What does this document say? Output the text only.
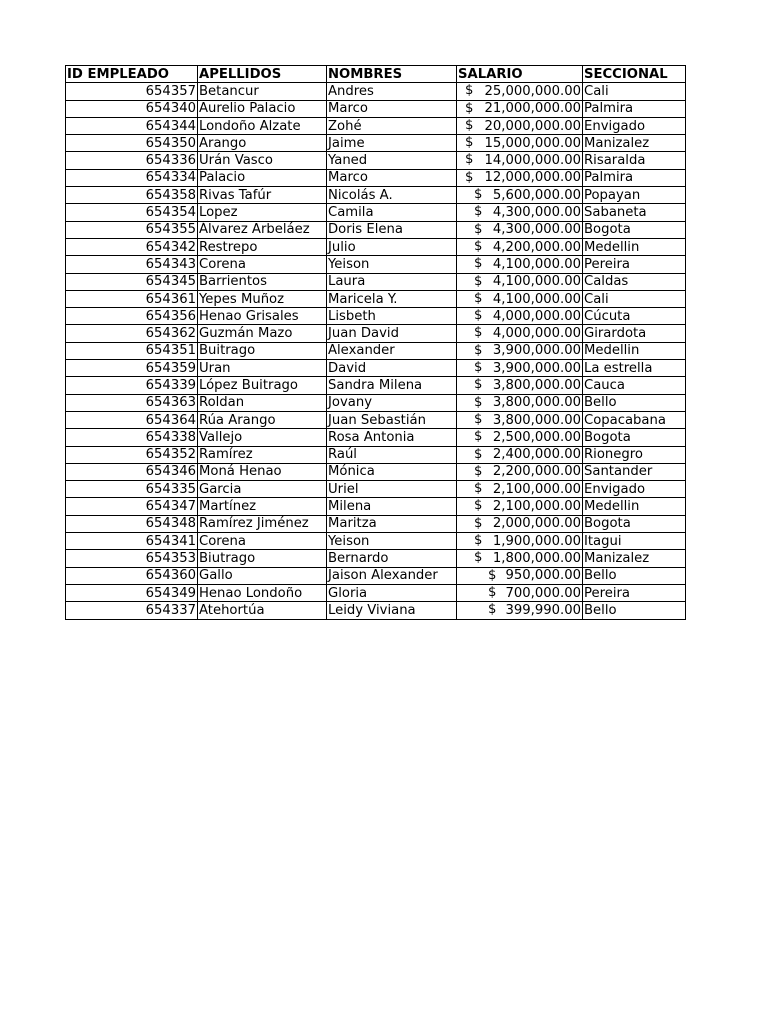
ID EMPLEADO	APELLIDOS	NOMBRES	SALARIO	SECCIONAL
654357	Betancur	Andres	$ 25,000,000.00	Cali
654340	Aurelio Palacio	Marco	$ 21,000,000.00	Palmira
654344	Londoño Alzate	Zohé	$ 20,000,000.00	Envigado
654350	Arango	Jaime	$ 15,000,000.00	Manizalez
654336	Urán Vasco	Yaned	$ 14,000,000.00	Risaralda
654334	Palacio	Marco	$ 12,000,000.00	Palmira
654358	Rivas Tafúr	Nicolás A.	$ 5,600,000.00	Popayan
654354	Lopez	Camila	$ 4,300,000.00	Sabaneta
654355	Álvarez Arbeláez	Doris Elena	$ 4,300,000.00	Bogota
654342	Restrepo	Julio	$ 4,200,000.00	Medellin
654343	Corena	Yeison	$ 4,100,000.00	Pereira
654345	Barrientos	Laura	$ 4,100,000.00	Caldas
654361	Yepes Muñoz	Maricela Y.	$ 4,100,000.00	Cali
654356	Henao Grisales	Lisbeth	$ 4,000,000.00	Cúcuta
654362	Guzmán Mazo	Juan David	$ 4,000,000.00	Girardota
654351	Buitrago	Alexander	$ 3,900,000.00	Medellin
654359	Uran	David	$ 3,900,000.00	La estrella
654339	López Buitrago	Sandra Milena	$ 3,800,000.00	Cauca
654363	Roldan	Jovany	$ 3,800,000.00	Bello
654364	Rúa Arango	Juan Sebastián	$ 3,800,000.00	Copacabana
654338	Vallejo	Rosa Antonia	$ 2,500,000.00	Bogota
654352	Ramírez	Raúl	$ 2,400,000.00	Rionegro
654346	Moná Henao	Mónica	$ 2,200,000.00	Santander
654335	Garcia	Uriel	$ 2,100,000.00	Envigado
654347	Martínez	Milena	$ 2,100,000.00	Medellin
654348	Ramírez Jiménez	Maritza	$ 2,000,000.00	Bogota
654341	Corena	Yeison	$ 1,900,000.00	Itagui
654353	Biutrago	Bernardo	$ 1,800,000.00	Manizalez
654360	Gallo	Jaison Alexander	$ 950,000.00	Bello
654349	Henao Londoño	Gloria	$ 700,000.00	Pereira
654337	Atehortúa	Leidy Viviana	$ 399,990.00	Bello
